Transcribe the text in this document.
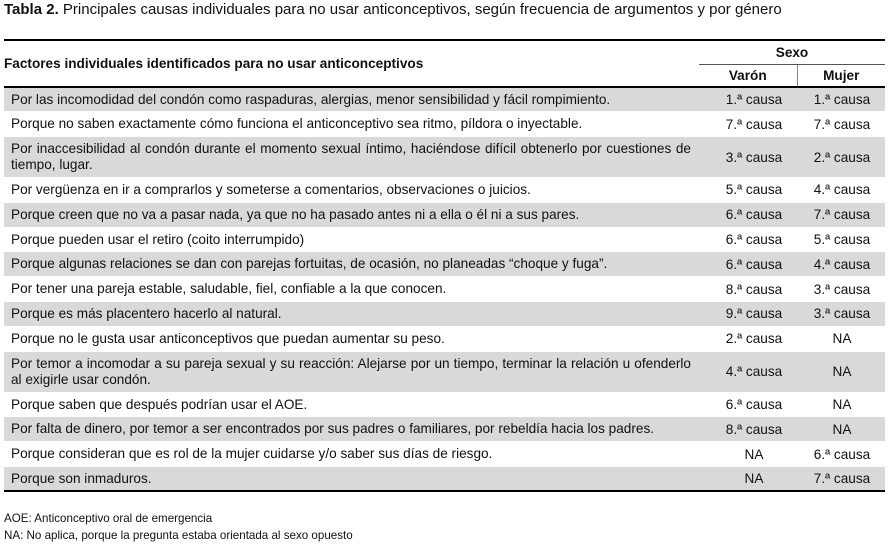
Tabla 2. Principales causas individuales para no usar anticonceptivos, según frecuencia de argumentos y por género
Factores individuales identificados para no usar anticonceptivos	Sexo	
	Varón	Mujer
Por las incomodidad del condón como raspaduras, alergias, menor sensibilidad y fácil rompimiento.	1.ª causa	1.ª causa
Porque no saben exactamente cómo funciona el anticonceptivo sea ritmo, píldora o inyectable.	7.ª causa	7.ª causa
Por inaccesibilidad al condón durante el momento sexual íntimo, haciéndose difícil obtenerlo por cuestiones de tiempo, lugar.	3.ª causa	2.ª causa
Por vergüenza en ir a comprarlos y someterse a comentarios, observaciones o juicios.	5.ª causa	4.ª causa
Porque creen que no va a pasar nada, ya que no ha pasado antes ni a ella o él ni a sus pares.	6.ª causa	7.ª causa
Porque pueden usar el retiro (coito interrumpido)	6.ª causa	5.ª causa
Porque algunas relaciones se dan con parejas fortuitas, de ocasión, no planeadas “choque y fuga”.	6.ª causa	4.ª causa
Por tener una pareja estable, saludable, fiel, confiable a la que conocen.	8.ª causa	3.ª causa
Porque es más placentero hacerlo al natural.	9.ª causa	3.ª causa
Porque no le gusta usar anticonceptivos que puedan aumentar su peso.	2.ª causa	NA
Por temor a incomodar a su pareja sexual y su reacción: Alejarse por un tiempo, terminar la relación u ofenderlo al exigirle usar condón.	4.ª causa	NA
Porque saben que después podrían usar el AOE.	6.ª causa	NA
Por falta de dinero, por temor a ser encontrados por sus padres o familiares, por rebeldía hacia los padres.	8.ª causa	NA
Porque consideran que es rol de la mujer cuidarse y/o saber sus días de riesgo.	NA	6.ª causa
Porque son inmaduros.	NA	7.ª causa
AOE: Anticonceptivo oral de emergencia
NA: No aplica, porque la pregunta estaba orientada al sexo opuesto
